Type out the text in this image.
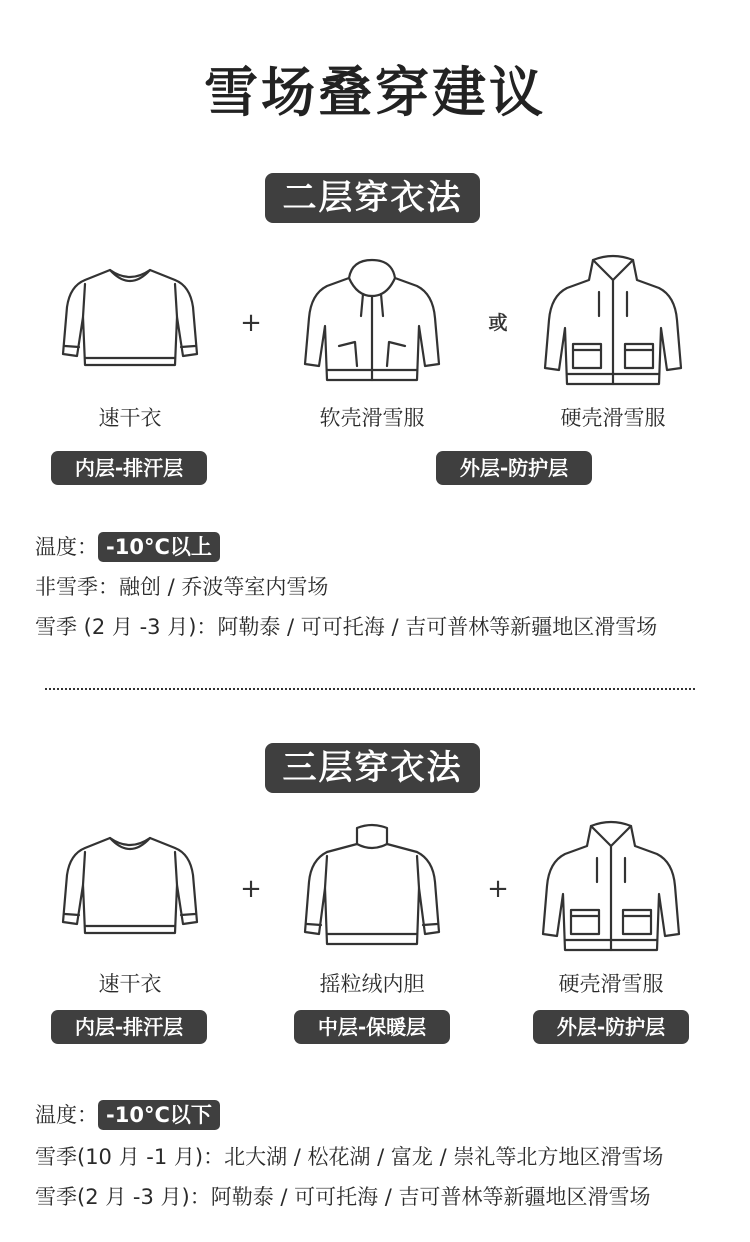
雪场叠穿建议
二层穿衣法
+	或
速干衣	软壳滑雪服	硬壳滑雪服
内层-排汗层	外层-防护层
温度： -10°C以上
非雪季：融创 / 乔波等室内雪场
雪季 (2 月 -3 月)：阿勒泰 / 可可托海 / 吉可普林等新疆地区滑雪场
三层穿衣法
+	+
速干衣	摇粒绒内胆	硬壳滑雪服
内层-排汗层	中层-保暖层	外层-防护层
温度： -10°C以下
雪季(10 月 -1 月)：北大湖 / 松花湖 / 富龙 / 崇礼等北方地区滑雪场
雪季(2 月 -3 月)：阿勒泰 / 可可托海 / 吉可普林等新疆地区滑雪场
